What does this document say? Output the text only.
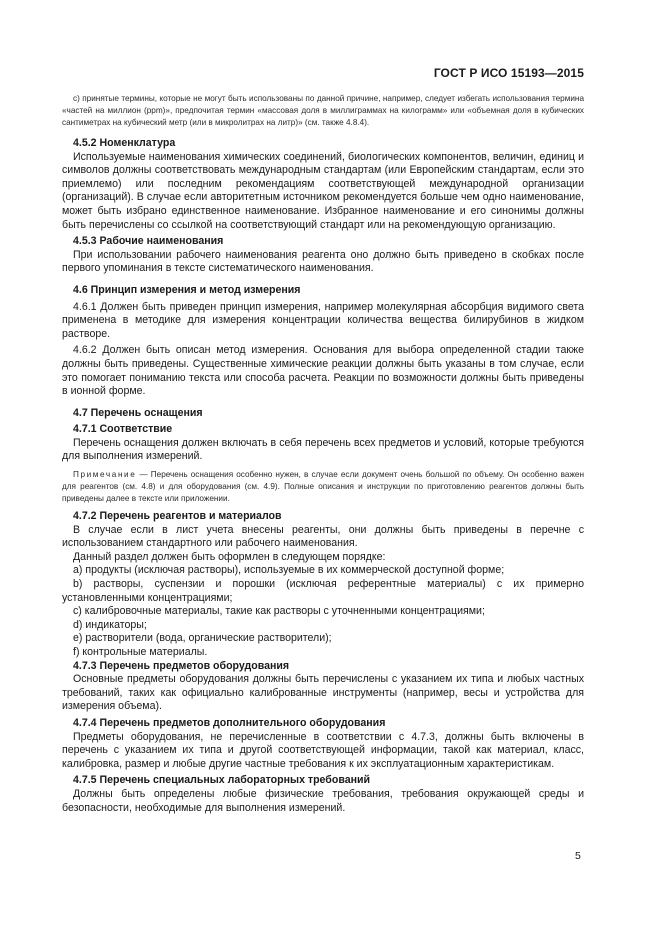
ГОСТ Р ИСО 15193—2015

c) принятые термины, которые не могут быть использованы по данной причине, например, следует избегать использования термина «частей на миллион (ppm)», предпочитая термин «массовая доля в миллиграммах на килограмм» или «объемная доля в кубических сантиметрах на кубический метр (или в микролитрах на литр)» (см. также 4.8.4).

4.5.2 Номенклатура

Используемые наименования химических соединений, биологических компонентов, величин, единиц и символов должны соответствовать международным стандартам (или Европейским стандартам, если это приемлемо) или последним рекомендациям соответствующей международной организации (организаций). В случае если авторитетным источником рекомендуется больше чем одно наименование, может быть избрано единственное наименование. Избранное наименование и его синонимы должны быть перечислены со ссылкой на соответствующий стандарт или на рекомендующую организацию.

4.5.3 Рабочие наименования

При использовании рабочего наименования реагента оно должно быть приведено в скобках после первого упоминания в тексте систематического наименования.

4.6 Принцип измерения и метод измерения

4.6.1 Должен быть приведен принцип измерения, например молекулярная абсорбция видимого света применена в методике для измерения концентрации количества вещества билирубинов в жидком растворе.

4.6.2 Должен быть описан метод измерения. Основания для выбора определенной стадии также должны быть приведены. Существенные химические реакции должны быть указаны в том случае, если это помогает пониманию текста или способа расчета. Реакции по возможности должны быть приведены в ионной форме.

4.7 Перечень оснащения
4.7.1 Соответствие

Перечень оснащения должен включать в себя перечень всех предметов и условий, которые требуются для выполнения измерений.

Примечание — Перечень оснащения особенно нужен, в случае если документ очень большой по объему. Он особенно важен для реагентов (см. 4.8) и для оборудования (см. 4.9). Полные описания и инструкции по приготовлению реагентов должны быть приведены далее в тексте или приложении.

4.7.2 Перечень реагентов и материалов

В случае если в лист учета внесены реагенты, они должны быть приведены в перечне с использованием стандартного или рабочего наименования.

Данный раздел должен быть оформлен в следующем порядке:

а) продукты (исключая растворы), используемые в их коммерческой доступной форме;

b) растворы, суспензии и порошки (исключая референтные материалы) с их примерно установленными концентрациями;

c) калибровочные материалы, такие как растворы с уточненными концентрациями;

d) индикаторы;

e) растворители (вода, органические растворители);

f) контрольные материалы.

4.7.3 Перечень предметов оборудования

Основные предметы оборудования должны быть перечислены с указанием их типа и любых частных требований, таких как официально калиброванные инструменты (например, весы и устройства для измерения объема).

4.7.4 Перечень предметов дополнительного оборудования

Предметы оборудования, не перечисленные в соответствии с 4.7.3, должны быть включены в перечень с указанием их типа и другой соответствующей информации, такой как материал, класс, калибровка, размер и любые другие частные требования к их эксплуатационным характеристикам.

4.7.5 Перечень специальных лабораторных требований

Должны быть определены любые физические требования, требования окружающей среды и безопасности, необходимые для выполнения измерений.

5
